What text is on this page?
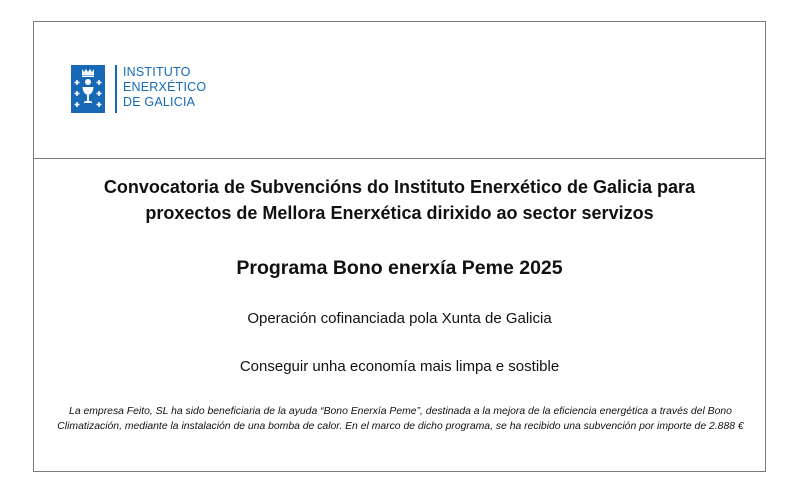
INSTITUTO
ENERXÉTICO
DE GALICIA
Convocatoria de Subvencións do Instituto Enerxético de Galicia para
proxectos de Mellora Enerxética dirixido ao sector servizos
Programa Bono enerxía Peme 2025
Operación cofinanciada pola Xunta de Galicia
Conseguir unha economía mais limpa e sostible
La empresa Feito, SL ha sido beneficiaria de la ayuda “Bono Enerxía Peme”, destinada a la mejora de la eficiencia energética a través del Bono Climatización, mediante la instalación de una bomba de calor. En el marco de dicho programa, se ha recibido una subvención por importe de 2.888 €
